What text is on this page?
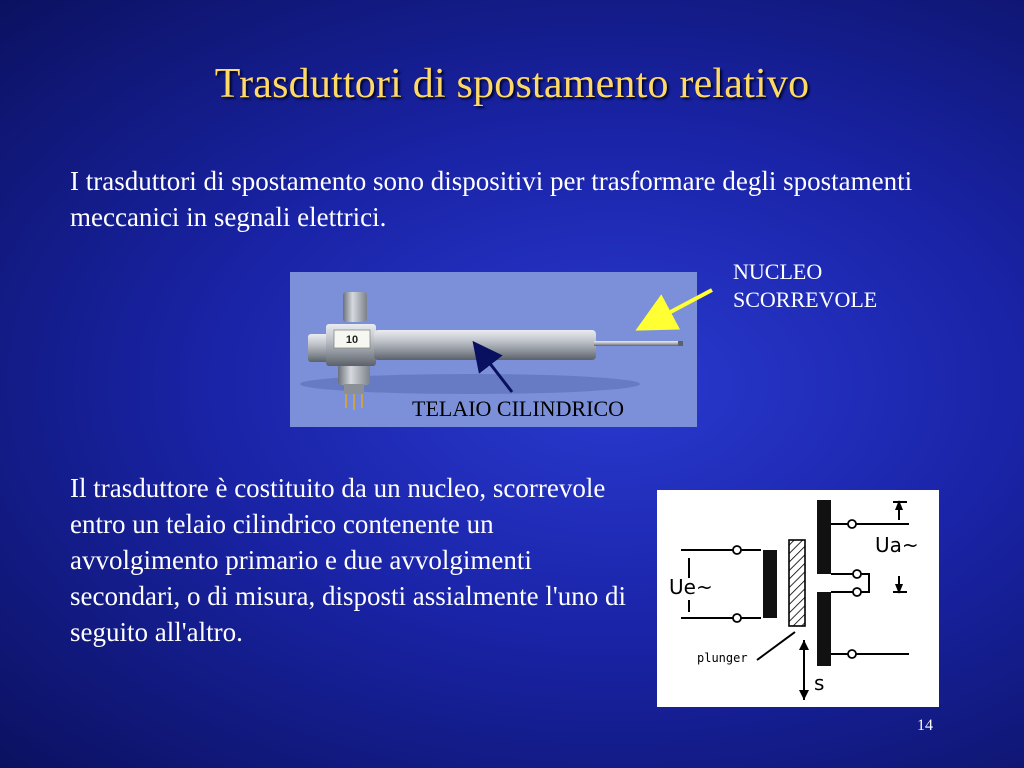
Trasduttori di spostamento relativo
I trasduttori di spostamento sono dispositivi per trasformare degli spostamenti meccanici in segnali elettrici.
10
NUCLEO
SCORREVOLE
TELAIO CILINDRICO
Il trasduttore è costituito da un nucleo, scorrevole entro un telaio cilindrico contenente un avvolgimento primario e due avvolgimenti secondari, o di misura, disposti assialmente l'uno di seguito all'altro.
Ue~
Ua~
plunger
s
14
